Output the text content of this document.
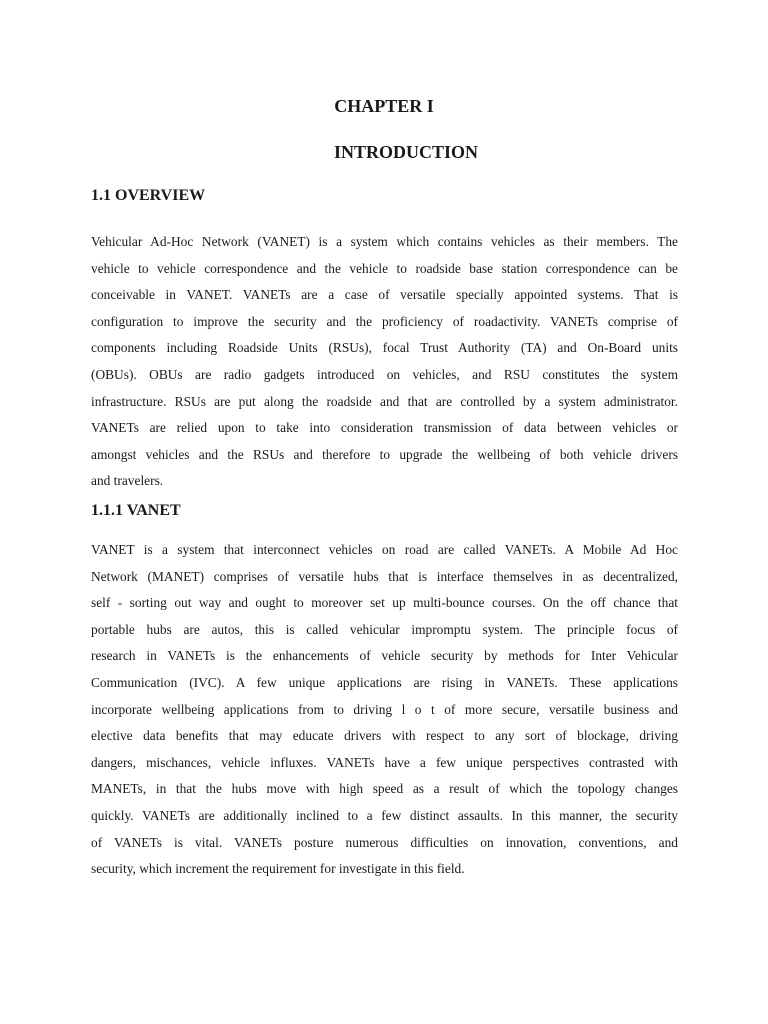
CHAPTER I
INTRODUCTION
1.1 OVERVIEW
Vehicular Ad-Hoc Network (VANET) is a system which contains vehicles as their members. The
vehicle to vehicle correspondence and the vehicle to roadside base station correspondence can be
conceivable in VANET. VANETs are a case of versatile specially appointed systems. That is
configuration to improve the security and the proficiency of roadactivity. VANETs comprise of
components including Roadside Units (RSUs), focal Trust Authority (TA) and On-Board units
(OBUs). OBUs are radio gadgets introduced on vehicles, and RSU constitutes the system
infrastructure. RSUs are put along the roadside and that are controlled by a system administrator.
VANETs are relied upon to take into consideration transmission of data between vehicles or
amongst vehicles and the RSUs and therefore to upgrade the wellbeing of both vehicle drivers
and travelers.
1.1.1 VANET
VANET is a system that interconnect vehicles on road are called VANETs. A Mobile Ad Hoc
Network (MANET) comprises of versatile hubs that is interface themselves in as decentralized,
self - sorting out way and ought to moreover set up multi-bounce courses. On the off chance that
portable hubs are autos, this is called vehicular impromptu system. The principle focus of
research in VANETs is the enhancements of vehicle security by methods for Inter Vehicular
Communication (IVC). A few unique applications are rising in VANETs. These applications
incorporate wellbeing applications from to driving l o t of more secure, versatile business and
elective data benefits that may educate drivers with respect to any sort of blockage, driving
dangers, mischances, vehicle influxes. VANETs have a few unique perspectives contrasted with
MANETs, in that the hubs move with high speed as a result of which the topology changes
quickly. VANETs are additionally inclined to a few distinct assaults. In this manner, the security
of VANETs is vital. VANETs posture numerous difficulties on innovation, conventions, and
security, which increment the requirement for investigate in this field.
